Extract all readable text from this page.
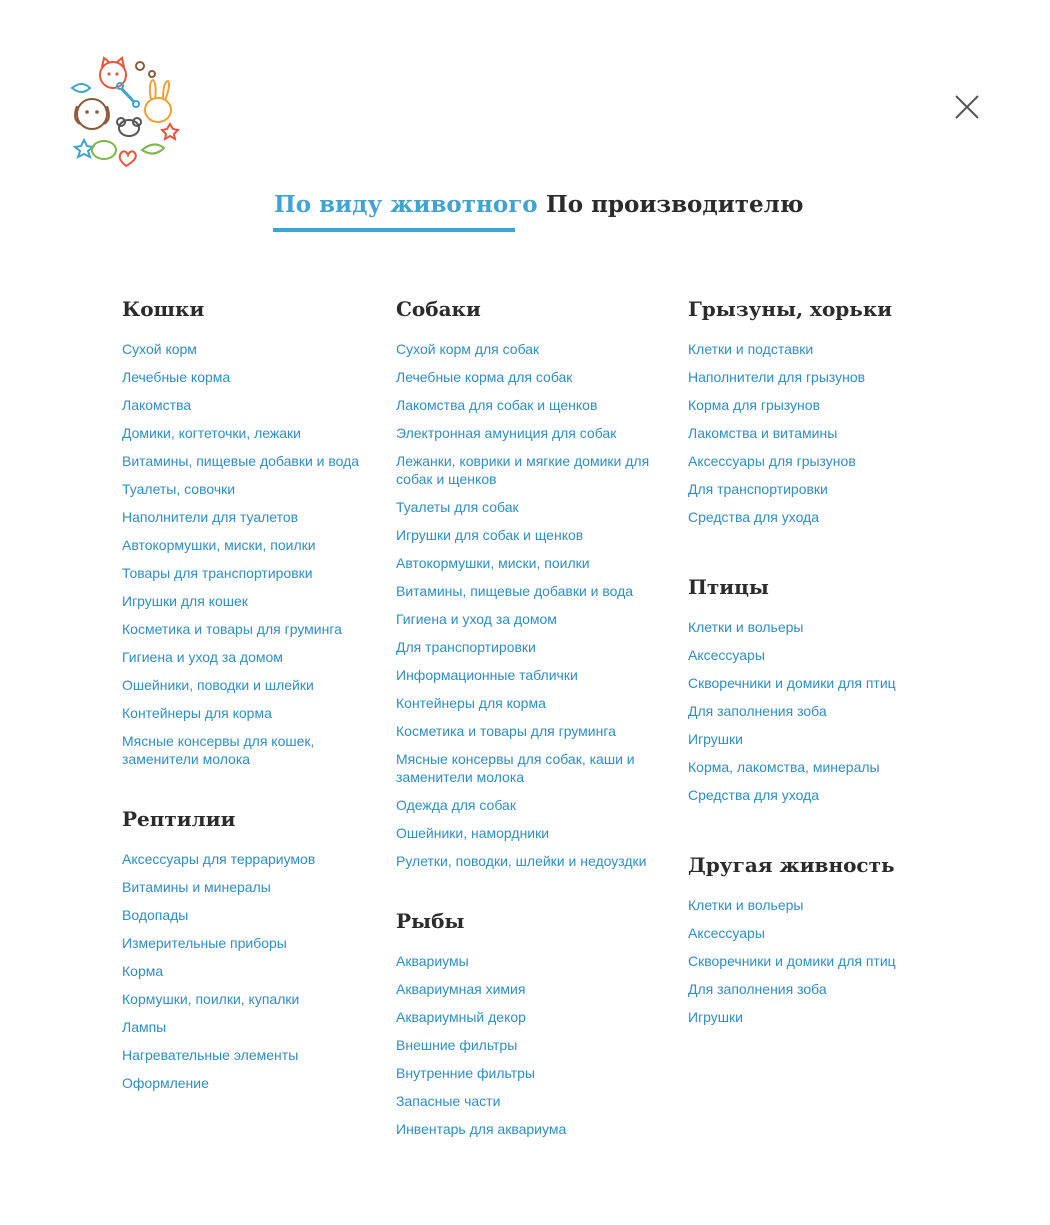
По виду животного По производителю
Кошки
Сухой корм
Лечебные корма
Лакомства
Домики, когтеточки, лежаки
Витамины, пищевые добавки и вода
Туалеты, совочки
Наполнители для туалетов
Автокормушки, миски, поилки
Товары для транспортировки
Игрушки для кошек
Косметика и товары для груминга
Гигиена и уход за домом
Ошейники, поводки и шлейки
Контейнеры для корма
Мясные консервы для кошек, заменители молока
Рептилии
Аксессуары для террариумов
Витамины и минералы
Водопады
Измерительные приборы
Корма
Кормушки, поилки, купалки
Лампы
Нагревательные элементы
Оформление
Собаки
Сухой корм для собак
Лечебные корма для собак
Лакомства для собак и щенков
Электронная амуниция для собак
Лежанки, коврики и мягкие домики для собак и щенков
Туалеты для собак
Игрушки для собак и щенков
Автокормушки, миски, поилки
Витамины, пищевые добавки и вода
Гигиена и уход за домом
Для транспортировки
Информационные таблички
Контейнеры для корма
Косметика и товары для груминга
Мясные консервы для собак, каши и заменители молока
Одежда для собак
Ошейники, намордники
Рулетки, поводки, шлейки и недоуздки
Рыбы
Аквариумы
Аквариумная химия
Аквариумный декор
Внешние фильтры
Внутренние фильтры
Запасные части
Инвентарь для аквариума
Грызуны, хорьки
Клетки и подставки
Наполнители для грызунов
Корма для грызунов
Лакомства и витамины
Аксессуары для грызунов
Для транспортировки
Средства для ухода
Птицы
Клетки и вольеры
Аксессуары
Скворечники и домики для птиц
Для заполнения зоба
Игрушки
Корма, лакомства, минералы
Средства для ухода
Другая живность
Клетки и вольеры
Аксессуары
Скворечники и домики для птиц
Для заполнения зоба
Игрушки
